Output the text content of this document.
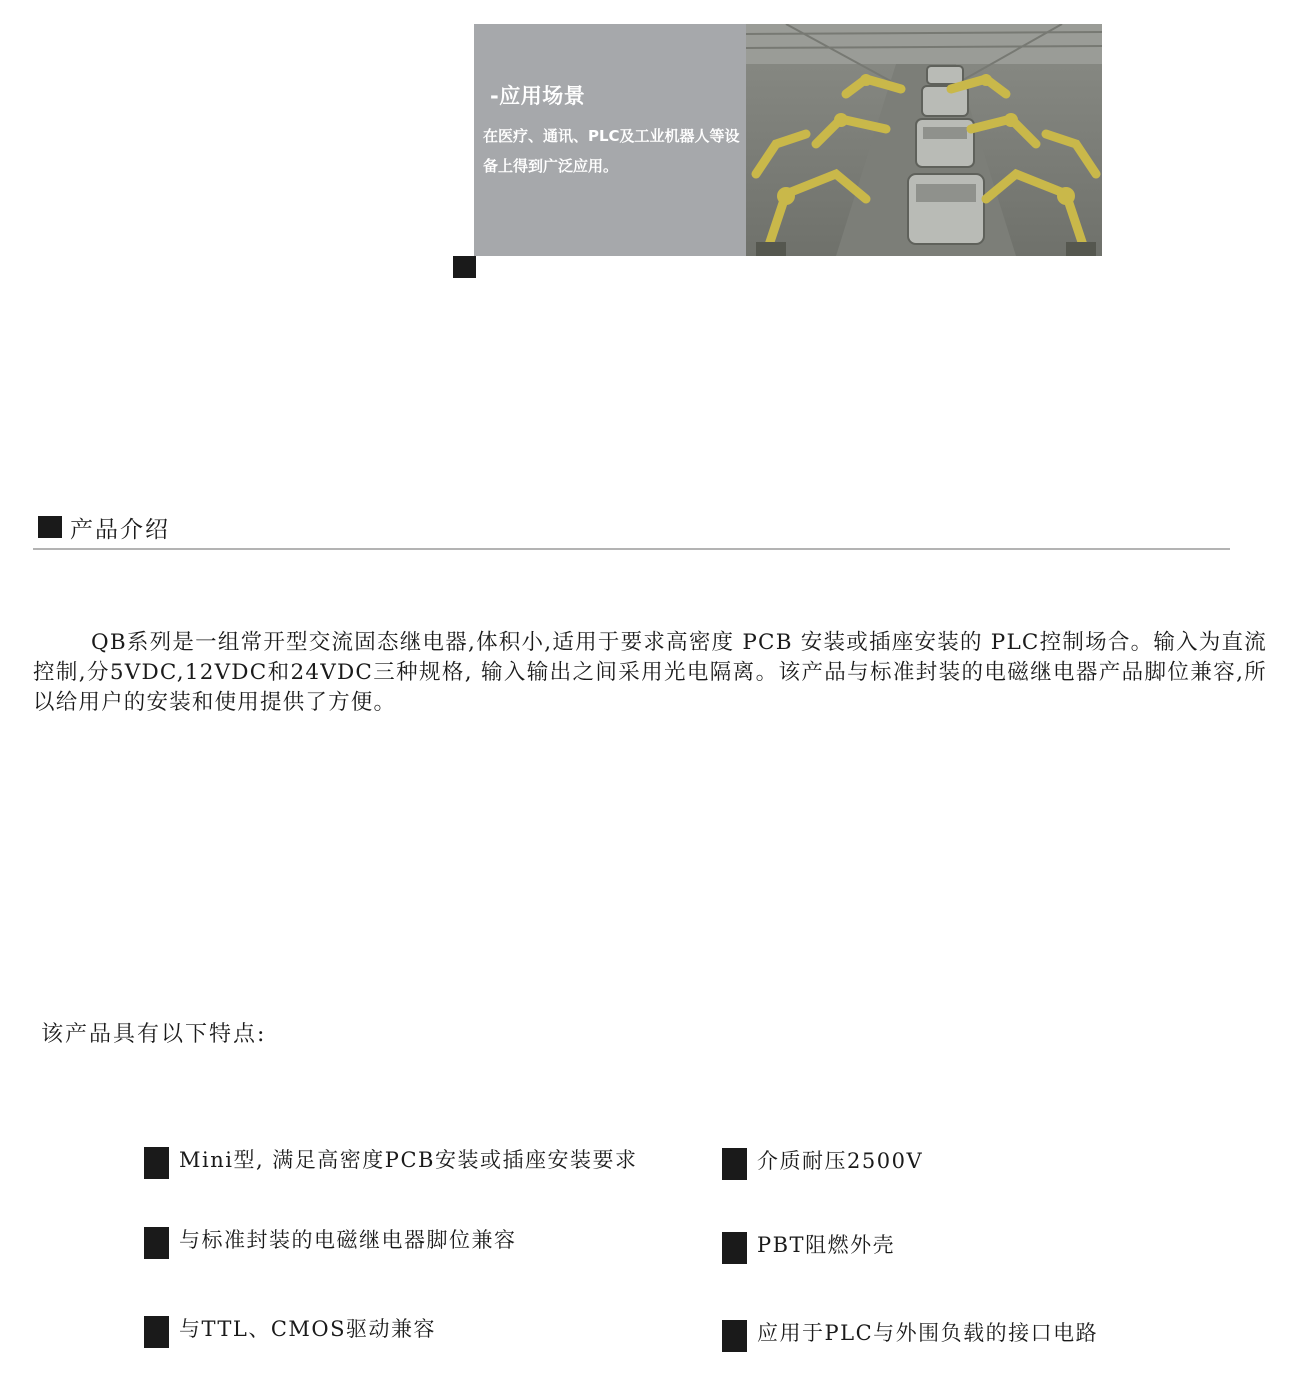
-应用场景
在医疗、通讯、PLC及工业机器人等设备上得到广泛应用。
产品介绍
QB系列是一组常开型交流固态继电器,体积小,适用于要求高密度 PCB 安装或插座安装的 PLC控制场合。输入为直流控制,分5VDC,12VDC和24VDC三种规格, 输入输出之间采用光电隔离。该产品与标准封装的电磁继电器产品脚位兼容,所以给用户的安装和使用提供了方便。
该产品具有以下特点:
Mini型, 满足高密度PCB安装或插座安装要求	介质耐压2500V
与标准封装的电磁继电器脚位兼容	PBT阻燃外壳
与TTL、CMOS驱动兼容	应用于PLC与外围负载的接口电路
